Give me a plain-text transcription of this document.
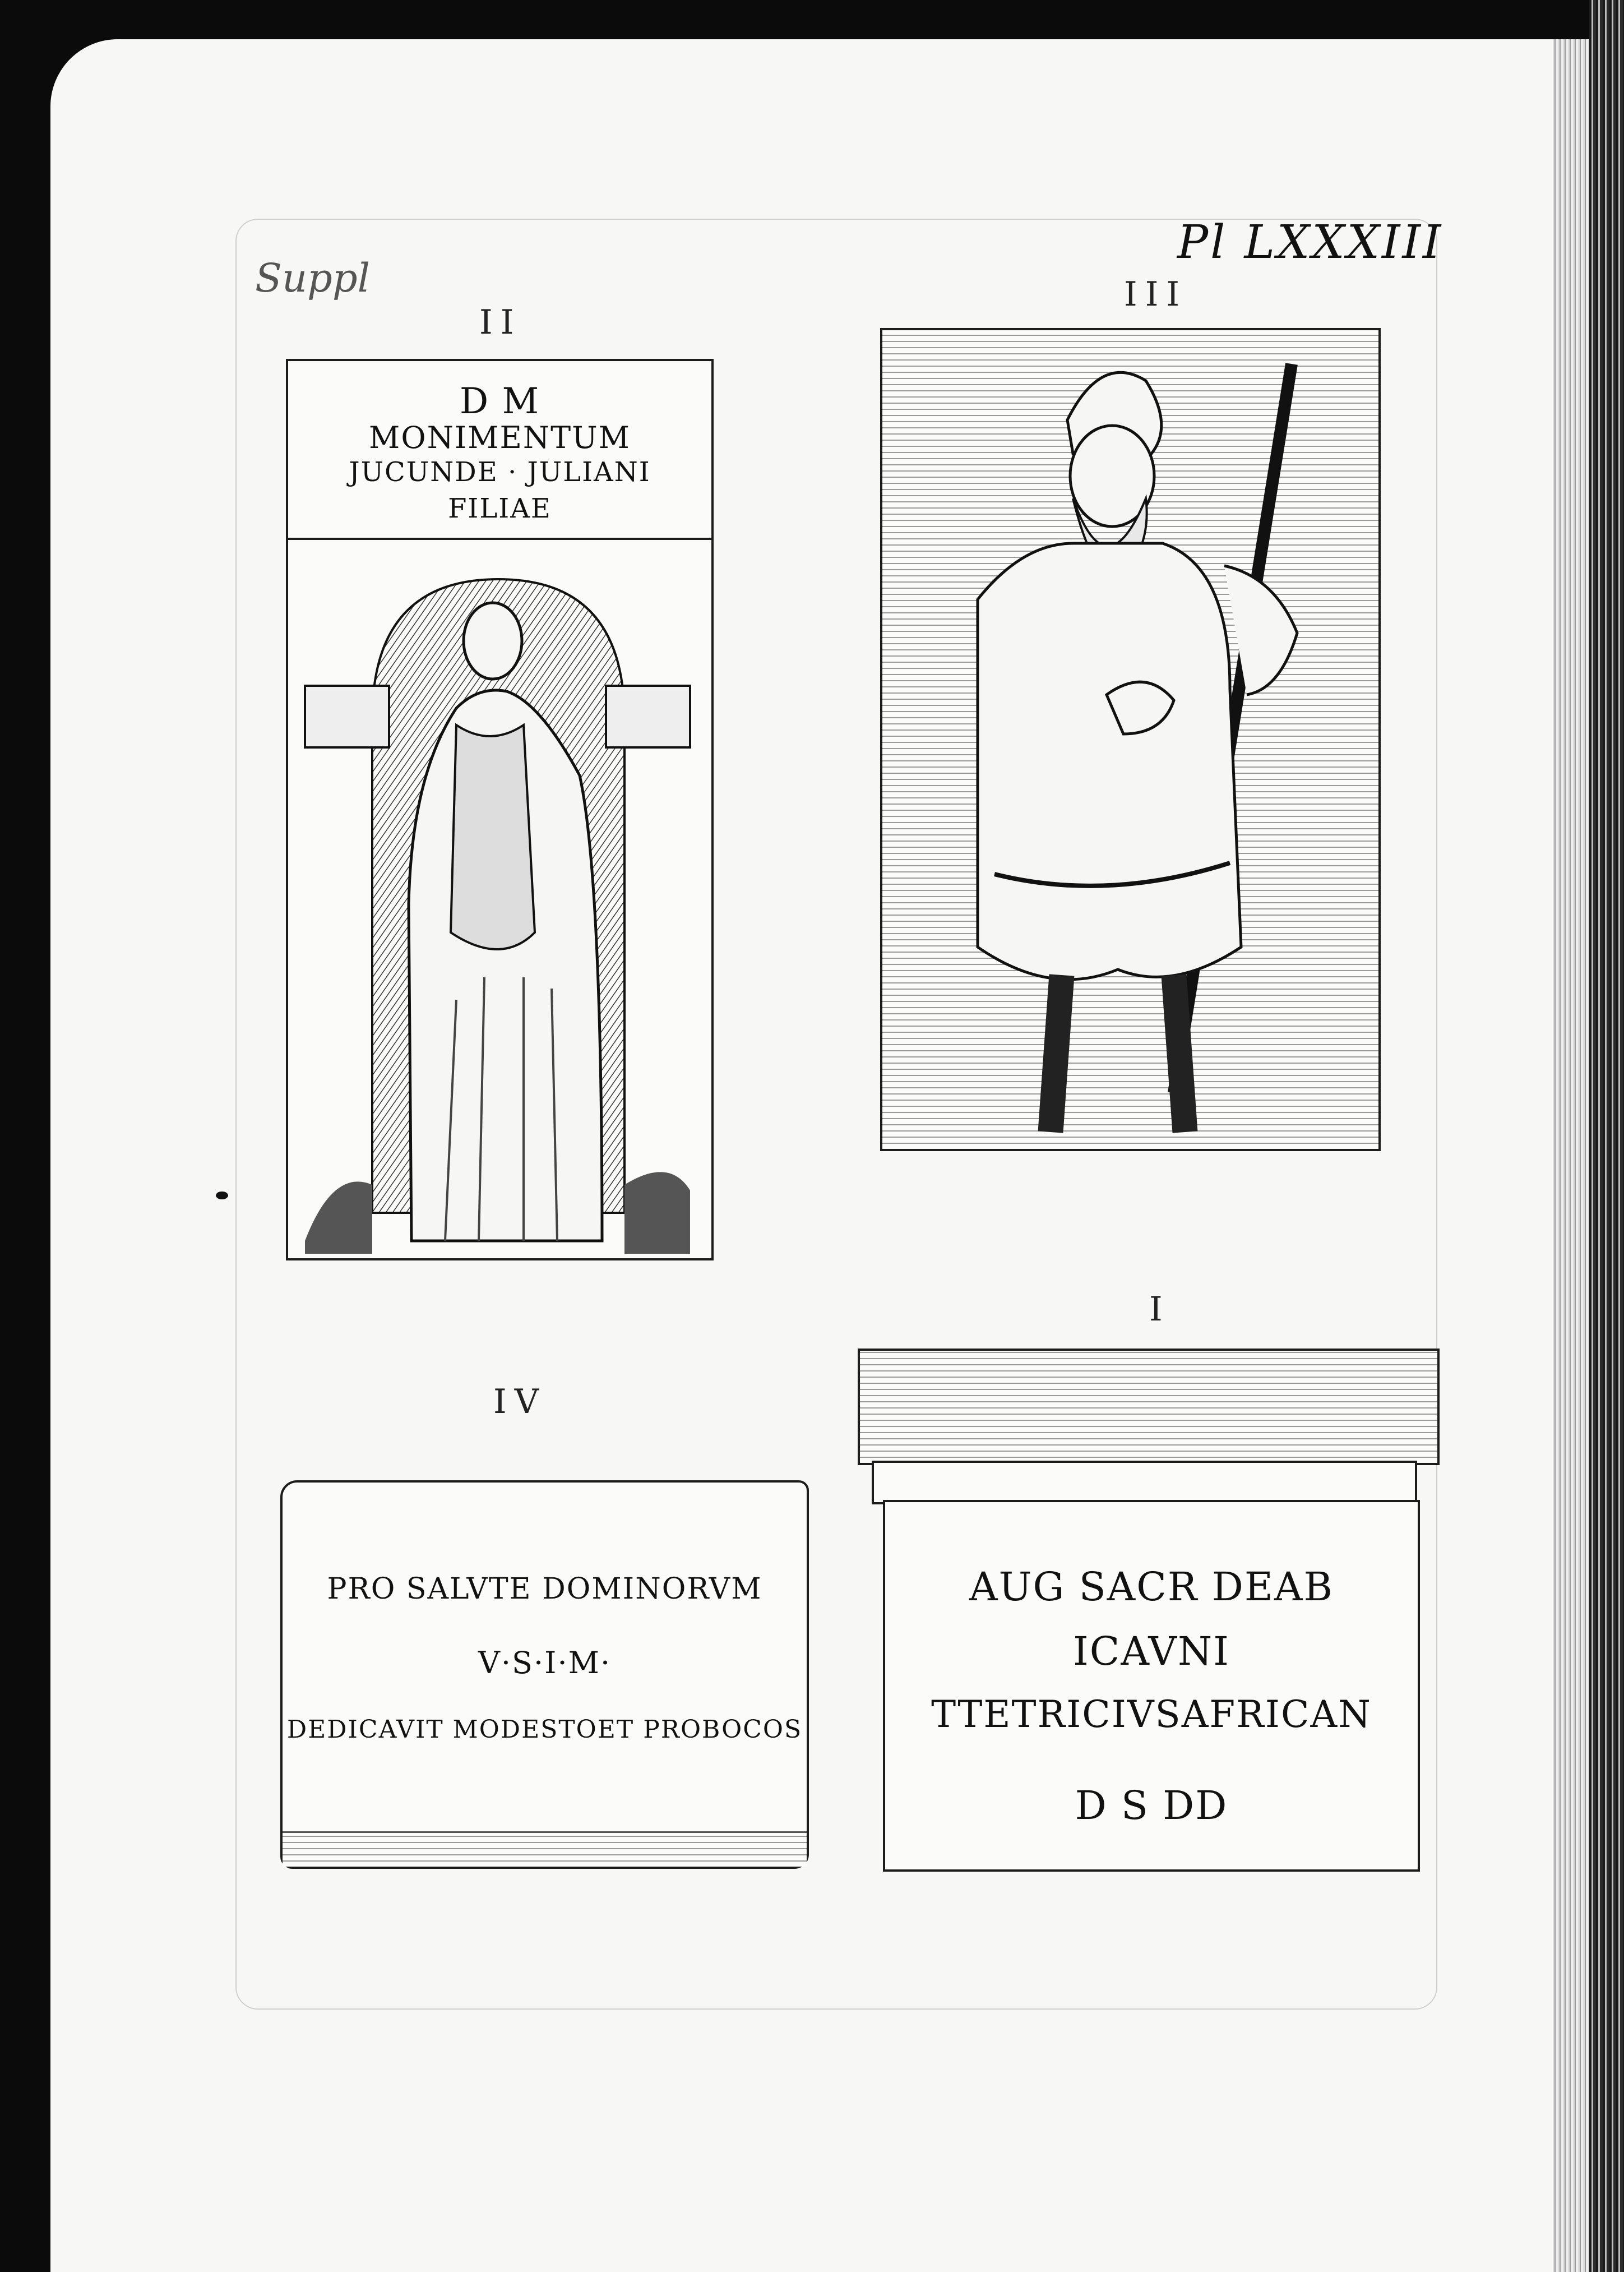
Suppl
Pl LXXXIII
II
D M
MONIMENTUM
JUCUNDE · JULIANI
FILIAE
III
IV
PRO SALVTE DOMINORVM
V·S·I·M·
DEDICAVIT MODESTOET PROBOCOS
I
AUG SACR DEAB
ICAVNI
TTETRICIVSAFRICAN
D S DD
